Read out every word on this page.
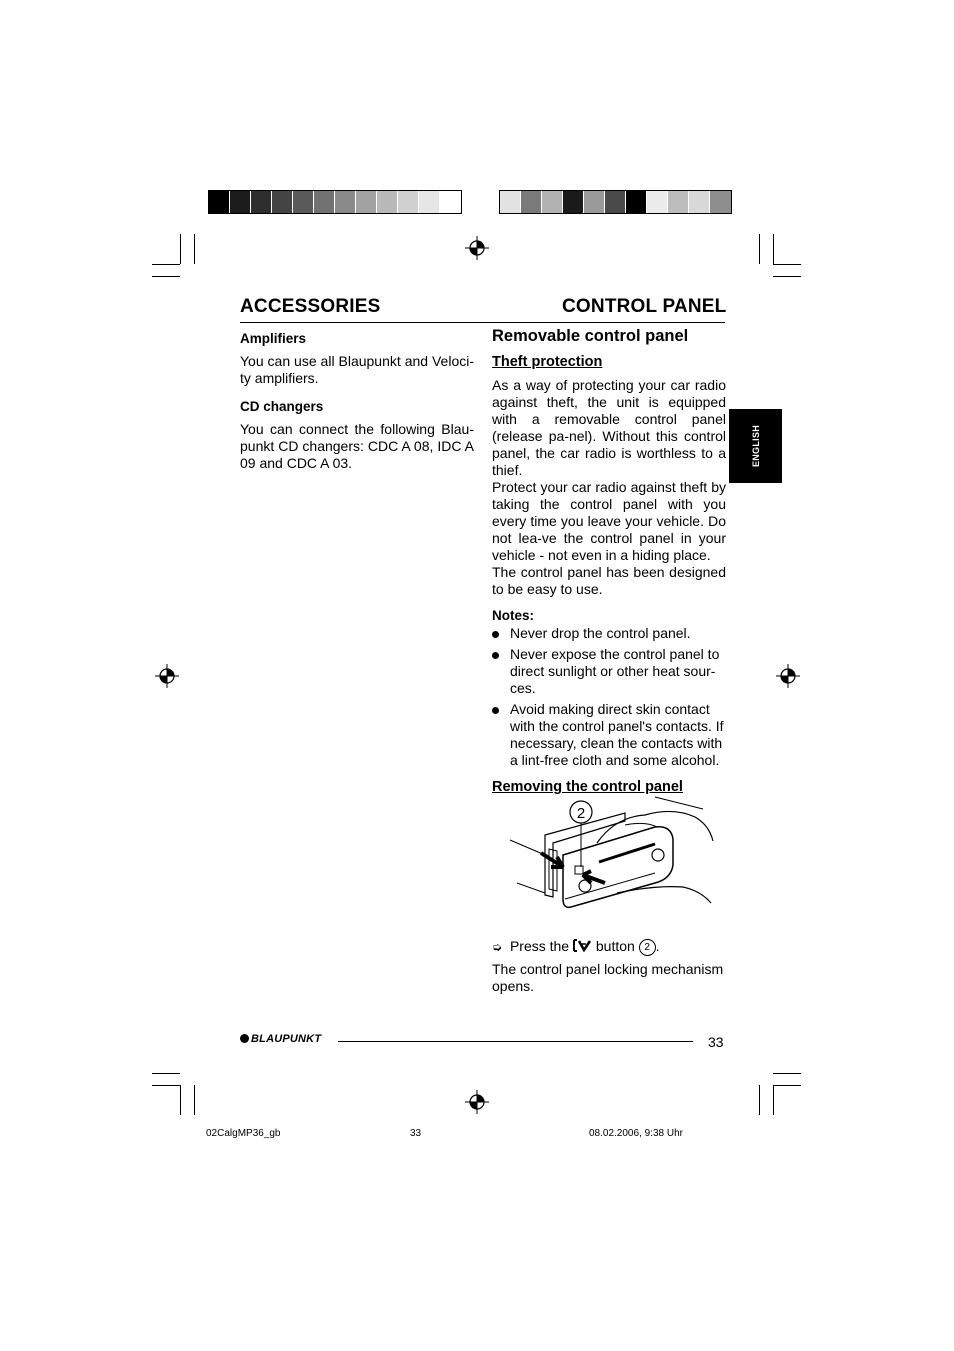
ACCESSORIES	CONTROL PANEL

Amplifiers

You can use all Blaupunkt and Veloci-ty amplifiers.

CD changers

You can connect the following Blau-punkt CD changers: CDC A 08, IDC A 09 and CDC A 03.

Removable control panel

Theft protection

As a way of protecting your car radio against theft, the unit is equipped with a removable control panel (release pa-nel). Without this control panel, the car radio is worthless to a thief.

Protect your car radio against theft by taking the control panel with you every time you leave your vehicle. Do not lea-ve the control panel in your vehicle - not even in a hiding place.

The control panel has been designed to be easy to use.

Notes:

Never drop the control panel.
Never expose the control panel to direct sunlight or other heat sour-ces.
Avoid making direct skin contact with the control panel's contacts. If necessary, clean the contacts with a lint-free cloth and some alcohol.

Removing the control panel

2
➭ Press the button 2 .
The control panel locking mechanism opens.
ENGLISH
BLAUPUNKT	33
02CalgMP36_gb	33	08.02.2006, 9:38 Uhr
